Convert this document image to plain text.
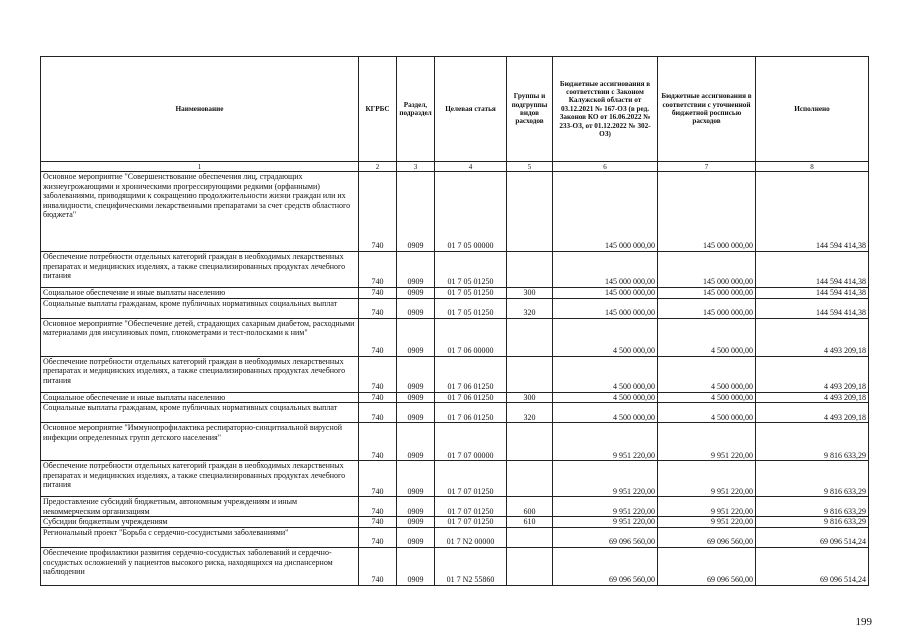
Наименование	КГРБС	Раздел, подраздел	Целевая статья	Группы и подгруппы видов расходов	Бюджетные ассигнования в соответствии с Законом Калужской области от 03.12.2021 № 167-ОЗ (в ред. Законов КО от 16.06.2022 № 233-ОЗ, от 01.12.2022 № 302-ОЗ)	Бюджетные ассигнования в соответствии с уточненной бюджетной росписью расходов	Исполнено
1	2	3	4	5	6	7	8
Основное мероприятие "Совершенствование обеспечения лиц, страдающих жизнеугрожающими и хроническими прогрессирующими редкими (орфанными) заболеваниями, приводящими к сокращению продолжительности жизни граждан или их инвалидности, специфическими лекарственными препаратами за счет средств областного бюджета"	740	0909	01 7 05 00000		145 000 000,00	145 000 000,00	144 594 414,38
Обеспечение потребности отдельных категорий граждан в необходимых лекарственных препаратах и медицинских изделиях, а также специализированных продуктах лечебного питания	740	0909	01 7 05 01250		145 000 000,00	145 000 000,00	144 594 414,38
Социальное обеспечение и иные выплаты населению	740	0909	01 7 05 01250	300	145 000 000,00	145 000 000,00	144 594 414,38
Социальные выплаты гражданам, кроме публичных нормативных социальных выплат	740	0909	01 7 05 01250	320	145 000 000,00	145 000 000,00	144 594 414,38
Основное мероприятие "Обеспечение детей, страдающих сахарным диабетом, расходными материалами для инсулиновых помп, глюкометрами и тест-полосками к ним"	740	0909	01 7 06 00000		4 500 000,00	4 500 000,00	4 493 209,18
Обеспечение потребности отдельных категорий граждан в необходимых лекарственных препаратах и медицинских изделиях, а также специализированных продуктах лечебного питания	740	0909	01 7 06 01250		4 500 000,00	4 500 000,00	4 493 209,18
Социальное обеспечение и иные выплаты населению	740	0909	01 7 06 01250	300	4 500 000,00	4 500 000,00	4 493 209,18
Социальные выплаты гражданам, кроме публичных нормативных социальных выплат	740	0909	01 7 06 01250	320	4 500 000,00	4 500 000,00	4 493 209,18
Основное мероприятие "Иммунопрофилактика респираторно-синцитиальной вирусной инфекции определенных групп детского населения"	740	0909	01 7 07 00000		9 951 220,00	9 951 220,00	9 816 633,29
Обеспечение потребности отдельных категорий граждан в необходимых лекарственных препаратах и медицинских изделиях, а также специализированных продуктах лечебного питания	740	0909	01 7 07 01250		9 951 220,00	9 951 220,00	9 816 633,29
Предоставление субсидий бюджетным, автономным учреждениям и иным некоммерческим организациям	740	0909	01 7 07 01250	600	9 951 220,00	9 951 220,00	9 816 633,29
Субсидии бюджетным учреждениям	740	0909	01 7 07 01250	610	9 951 220,00	9 951 220,00	9 816 633,29
Региональный проект "Борьба с сердечно-сосудистыми заболеваниями"	740	0909	01 7 N2 00000		69 096 560,00	69 096 560,00	69 096 514,24
Обеспечение профилактики развития сердечно-сосудистых заболеваний и сердечно-сосудистых осложнений у пациентов высокого риска, находящихся на диспансерном наблюдении	740	0909	01 7 N2 55860		69 096 560,00	69 096 560,00	69 096 514,24
199
